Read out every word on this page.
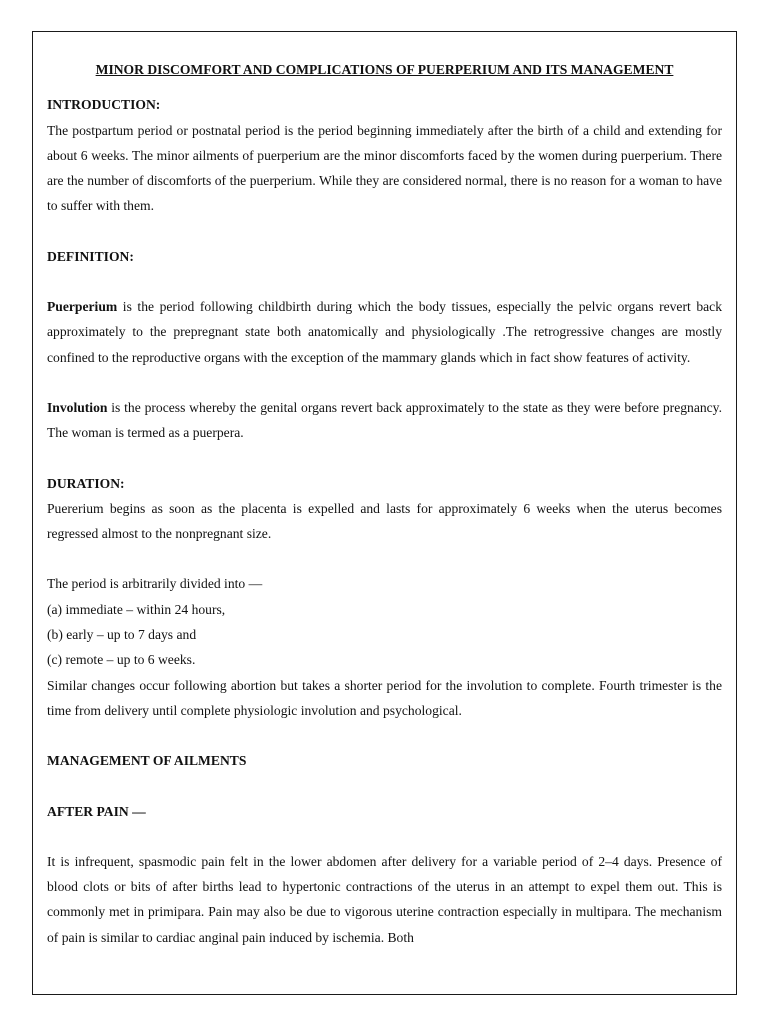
MINOR DISCOMFORT AND COMPLICATIONS OF PUERPERIUM AND ITS MANAGEMENT
INTRODUCTION:

The postpartum period or postnatal period is the period beginning immediately after the birth of a child and extending for about 6 weeks. The minor ailments of puerperium are the minor discomforts faced by the women during puerperium. There are the number of discomforts of the puerperium. While they are considered normal, there is no reason for a woman to have to suffer with them.

DEFINITION:

Puerperium is the period following childbirth during which the body tissues, especially the pelvic organs revert back approximately to the prepregnant state both anatomically and physiologically .The retrogressive changes are mostly confined to the reproductive organs with the exception of the mammary glands which in fact show features of activity.

Involution is the process whereby the genital organs revert back approximately to the state as they were before pregnancy. The woman is termed as a puerpera.

DURATION:

Puererium begins as soon as the placenta is expelled and lasts for approximately 6 weeks when the uterus becomes regressed almost to the nonpregnant size.

The period is arbitrarily divided into —
(a) immediate – within 24 hours,
(b) early – up to 7 days and
(c) remote – up to 6 weeks.

Similar changes occur following abortion but takes a shorter period for the involution to complete. Fourth trimester is the time from delivery until complete physiologic involution and psychological.

MANAGEMENT OF AILMENTS
AFTER PAIN —

It is infrequent, spasmodic pain felt in the lower abdomen after delivery for a variable period of 2–4 days. Presence of blood clots or bits of after births lead to hypertonic contractions of the uterus in an attempt to expel them out. This is commonly met in primipara. Pain may also be due to vigorous uterine contraction especially in multipara. The mechanism of pain is similar to cardiac anginal pain induced by ischemia. Both
